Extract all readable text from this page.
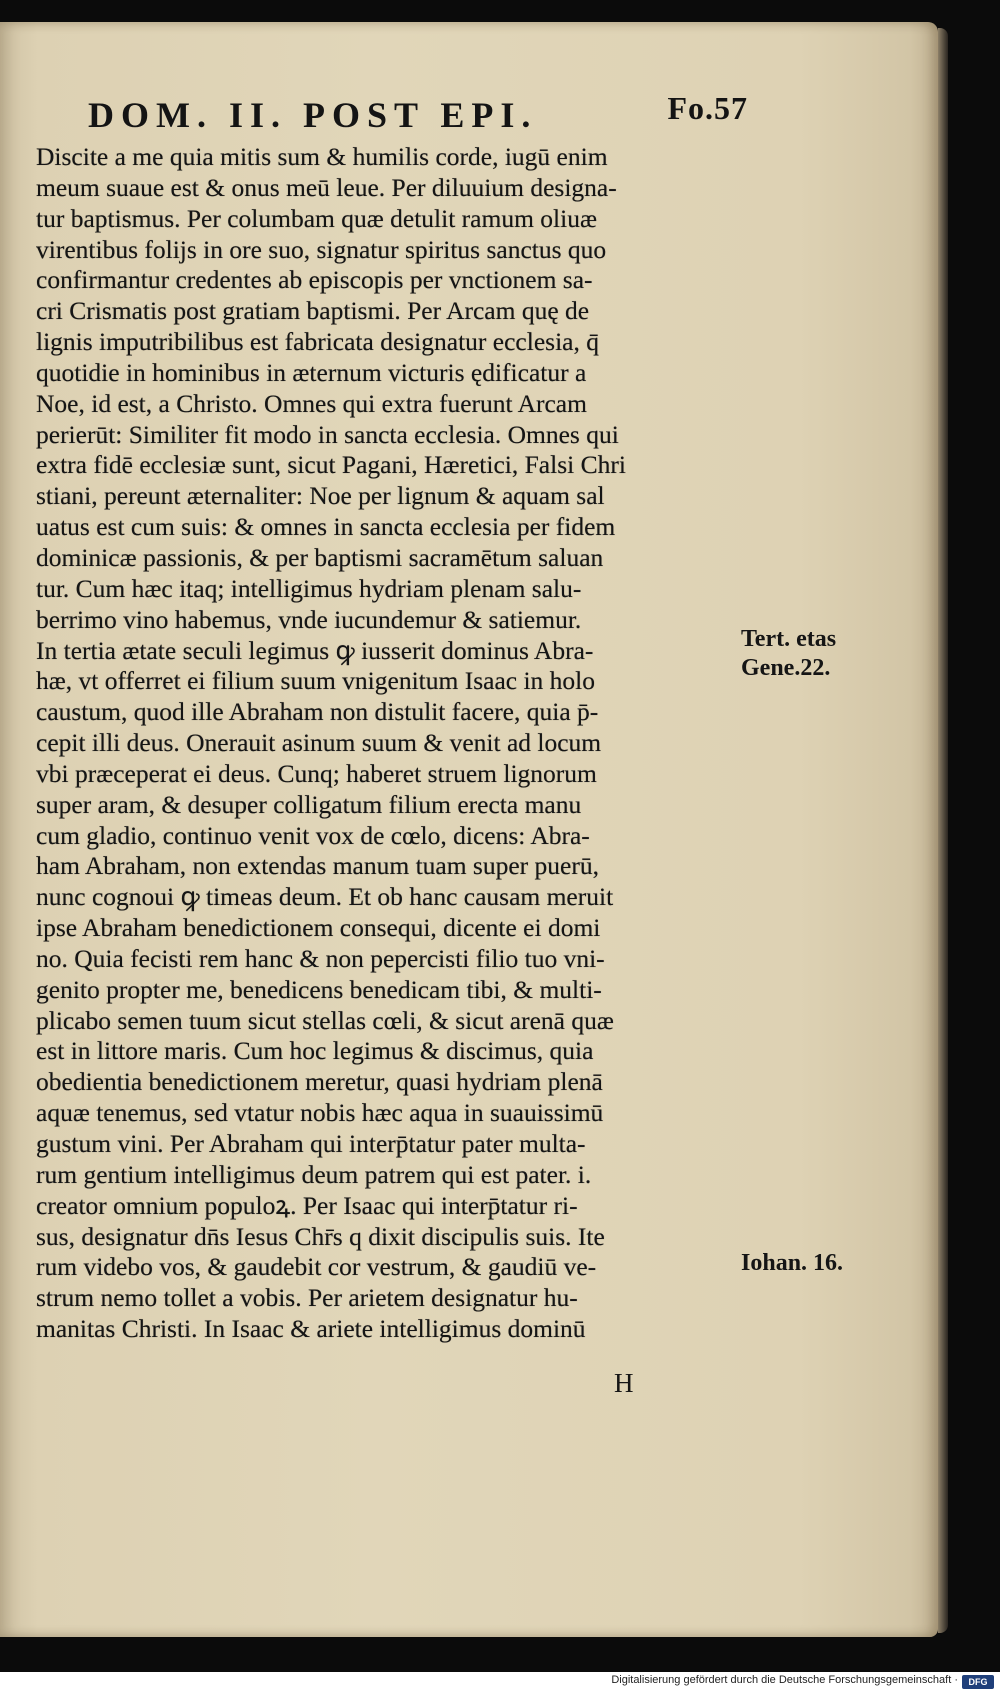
DOM. II. POST EPI.	Fo.57
Discite a me quia mitis sum & humilis corde, iugū enim
meum suaue est & onus meū leue. Per diluuium designa-
tur baptismus. Per columbam quæ detulit ramum oliuæ
virentibus folijs in ore suo, signatur spiritus sanctus quo
confirmantur credentes ab episcopis per vnctionem sa-
cri Crismatis post gratiam baptismi. Per Arcam quę de
lignis imputribilibus est fabricata designatur ecclesia, q̄
quotidie in hominibus in æternum victuris ędificatur a
Noe, id est, a Christo. Omnes qui extra fuerunt Arcam
perierūt: Similiter fit modo in sancta ecclesia. Omnes qui
extra fidē ecclesiæ sunt, sicut Pagani, Hæretici, Falsi Chri
stiani, pereunt æternaliter: Noe per lignum & aquam sal
uatus est cum suis: & omnes in sancta ecclesia per fidem
dominicæ passionis, & per baptismi sacramētum saluan
tur. Cum hæc itaq; intelligimus hydriam plenam salu-
berrimo vino habemus, vnde iucundemur & satiemur.
In tertia ætate seculi legimus ꝙ iusserit dominus Abra-
hæ, vt offerret ei filium suum vnigenitum Isaac in holo
caustum, quod ille Abraham non distulit facere, quia p̄-
cepit illi deus. Onerauit asinum suum & venit ad locum
vbi præceperat ei deus. Cunq; haberet struem lignorum
super aram, & desuper colligatum filium erecta manu
cum gladio, continuo venit vox de cœlo, dicens: Abra-
ham Abraham, non extendas manum tuam super puerū,
nunc cognoui ꝙ timeas deum. Et ob hanc causam meruit
ipse Abraham benedictionem consequi, dicente ei domi
no. Quia fecisti rem hanc & non pepercisti filio tuo vni-
genito propter me, benedicens benedicam tibi, & multi-
plicabo semen tuum sicut stellas cœli, & sicut arenā quæ
est in littore maris. Cum hoc legimus & discimus, quia
obedientia benedictionem meretur, quasi hydriam plenā
aquæ tenemus, sed vtatur nobis hæc aqua in suauissimū
gustum vini. Per Abraham qui interp̄tatur pater multa-
rum gentium intelligimus deum patrem qui est pater. i.
creator omnium populoꝝ. Per Isaac qui interp̄tatur ri-
sus, designatur dn̄s Iesus Chr̄s q dixit discipulis suis. Ite
rum videbo vos, & gaudebit cor vestrum, & gaudiū ve-
strum nemo tollet a vobis. Per arietem designatur hu-
manitas Christi. In Isaac & ariete intelligimus dominū
Tert. etas
Gene.22.
Iohan. 16.
H
Digitalisierung gefördert durch die Deutsche Forschungsgemeinschaft ·	DFG
